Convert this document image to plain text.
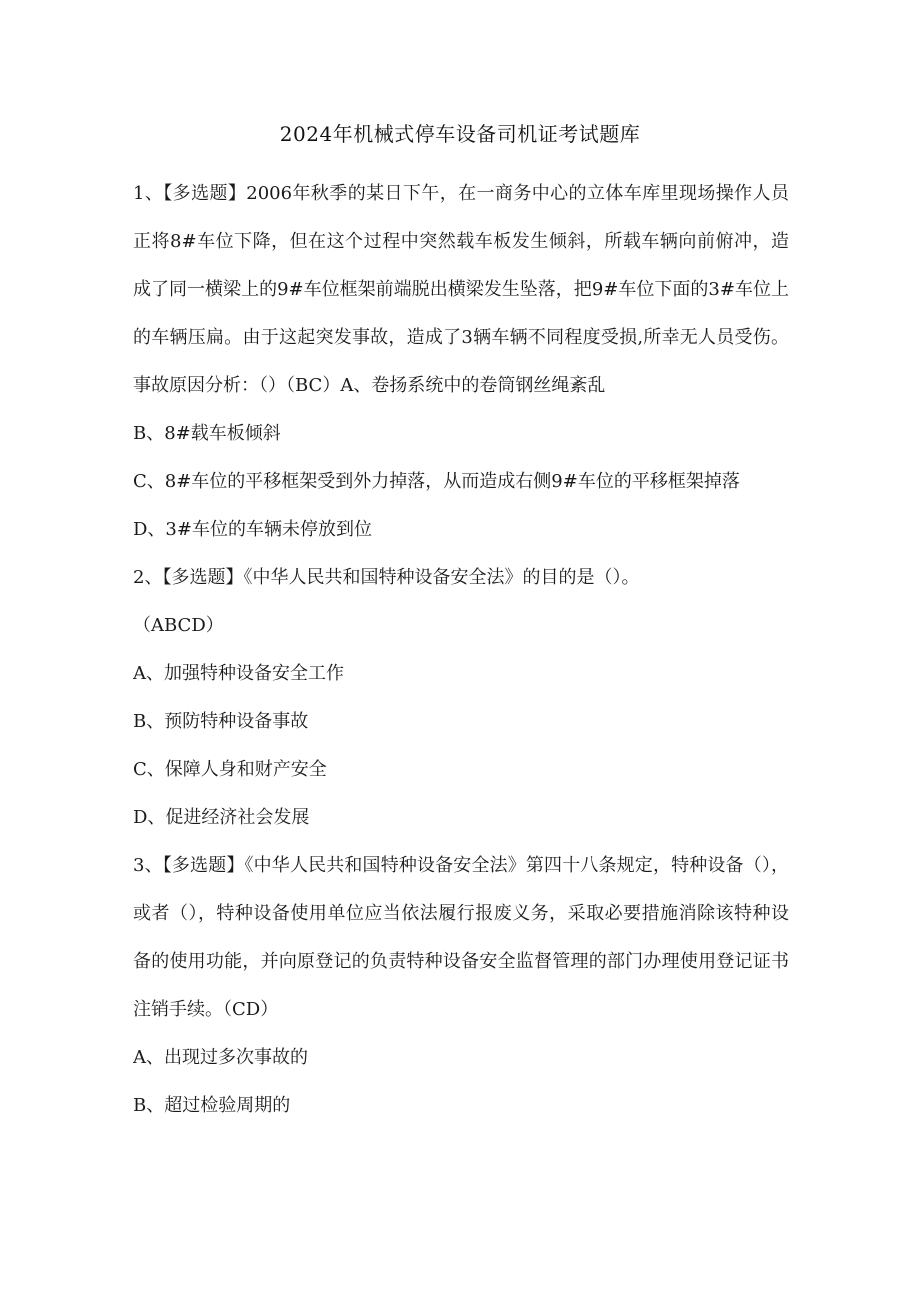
2024年机械式停车设备司机证考试题库

1、【多选题】2006年秋季的某日下午，在一商务中心的立体车库里现场操作人员正将8#车位下降，但在这个过程中突然载车板发生倾斜，所载车辆向前俯冲，造成了同一横梁上的9#车位框架前端脱出横梁发生坠落，把9#车位下面的3#车位上的车辆压扁。由于这起突发事故，造成了3辆车辆不同程度受损,所幸无人员受伤。事故原因分析：（）（BC）A、卷扬系统中的卷筒钢丝绳紊乱

B、8#载车板倾斜

C、8#车位的平移框架受到外力掉落，从而造成右侧9#车位的平移框架掉落

D、3#车位的车辆未停放到位

2、【多选题】《中华人民共和国特种设备安全法》的目的是（）。

（ABCD）

A、加强特种设备安全工作

B、预防特种设备事故

C、保障人身和财产安全

D、促进经济社会发展

3、【多选题】《中华人民共和国特种设备安全法》第四十八条规定，特种设备（），或者（），特种设备使用单位应当依法履行报废义务，采取必要措施消除该特种设备的使用功能，并向原登记的负责特种设备安全监督管理的部门办理使用登记证书注销手续。（CD）

A、出现过多次事故的

B、超过检验周期的
